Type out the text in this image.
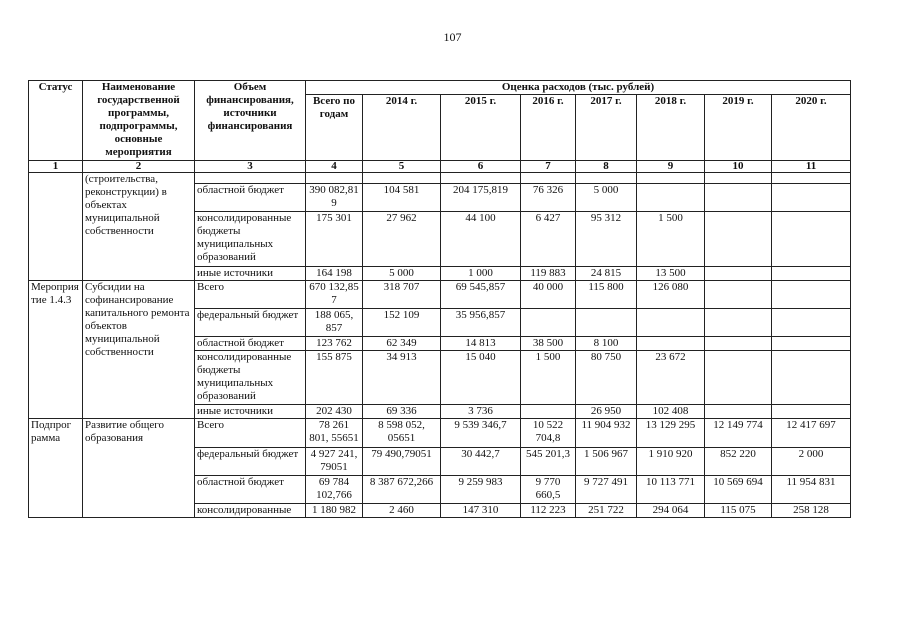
107
Статус	Наименование государственной программы, подпрограммы, основные мероприятия	Объем финансирования, источники финансирования	Оценка расходов (тыс. рублей)							
			Всего по годам	2014 г.	2015 г.	2016 г.	2017 г.	2018 г.	2019 г.	2020 г.
1	2	3	4	5	6	7	8	9	10	11
	(строительства, реконструкции) в объектах муниципальной собственности									
		областной бюджет	390 082,81 9	104 581	204 175,819	76 326	5 000			
		консолидированные бюджеты муниципальных образований	175 301	27 962	44 100	6 427	95 312	1 500		
		иные источники	164 198	5 000	1 000	119 883	24 815	13 500		
Мероприя тие 1.4.3	Субсидии на софинансирование капитального ремонта объектов муниципальной собственности	Всего	670 132,85 7	318 707	69 545,857	40 000	115 800	126 080		
		федеральный бюджет	188 065, 857	152 109	35 956,857					
		областной бюджет	123 762	62 349	14 813	38 500	8 100			
		консолидированные бюджеты муниципальных образований	155 875	34 913	15 040	1 500	80 750	23 672		
		иные источники	202 430	69 336	3 736		26 950	102 408		
Подпрог рамма	Развитие общего образования	Всего	78 261 801, 55651	8 598 052, 05651	9 539 346,7	10 522 704,8	11 904 932	13 129 295	12 149 774	12 417 697
		федеральный бюджет	4 927 241, 79051	79 490,79051	30 442,7	545 201,3	1 506 967	1 910 920	852 220	2 000
		областной бюджет	69 784 102,766	8 387 672,266	9 259 983	9 770 660,5	9 727 491	10 113 771	10 569 694	11 954 831
		консолидированные	1 180 982	2 460	147 310	112 223	251 722	294 064	115 075	258 128
